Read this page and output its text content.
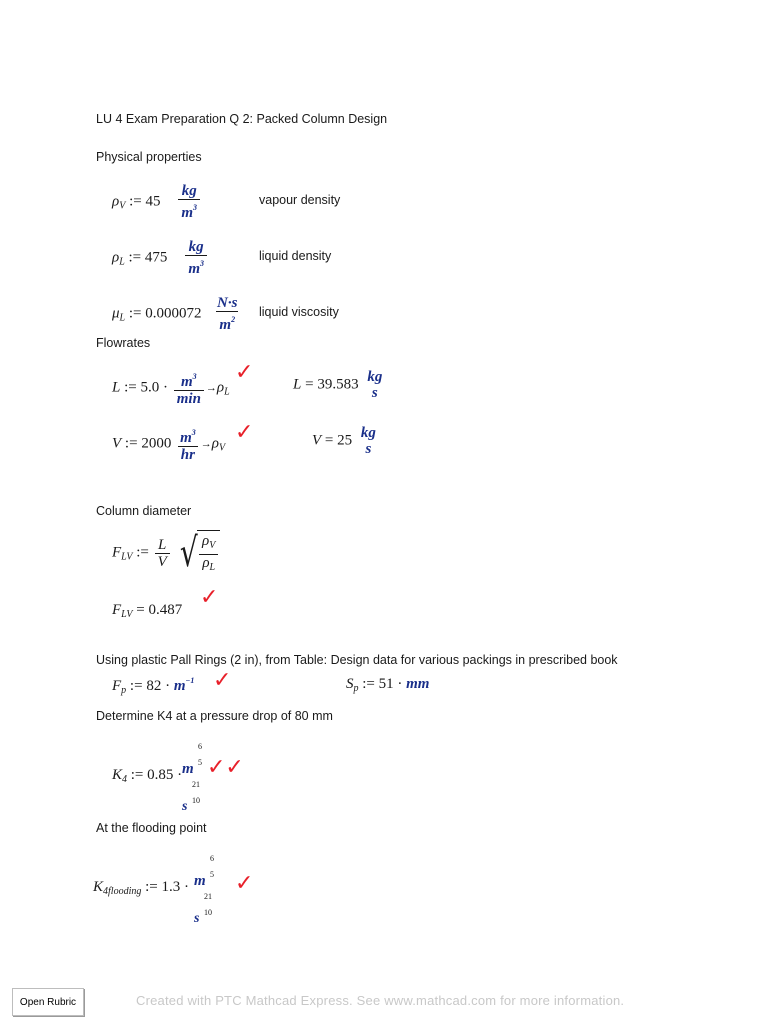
LU 4 Exam Preparation Q 2: Packed Column Design
Physical properties
$\rho_V$ := $45 \frac{kg}{m^3}$	vapour density
$\rho_L$ := $475 \frac{kg}{m^3}$	liquid density
$\mu_L$ := $0.000072 \frac{N\cdot s}{m^2}$ liquid viscosity
Flowrates
L := $5.0 \cdot \frac{m^3}{\min} \to\rho_L$
✓	L = 39.583 kg
s
V := $2000 \frac{m^3}{hr} \to\rho_V$
✓	V = 25 kg
s
Column diameter
$F_{LV}$ := $\frac{L}{V}$
√ $\frac{\rho_V}{\rho_L}$
$F_{LV} = 0.487$ ✓
Using plastic Pall Rings (2 in), from Table: Design data for various packings in prescribed book
$F_p$ := $82 \cdot m^{-1}$ ✓	$S_p$ := 51 · mm
Determine K4 at a pressure drop of 80 mm
$K_4$ := 0.85 ·
6
5
m
21
s 10
✓✓
At the flooding point
$K_{4flooding}$ := 1.3 ·
6
5
m
21
s 10
✓
Open Rubric	Created with PTC Mathcad Express. See www.mathcad.com for more information.
